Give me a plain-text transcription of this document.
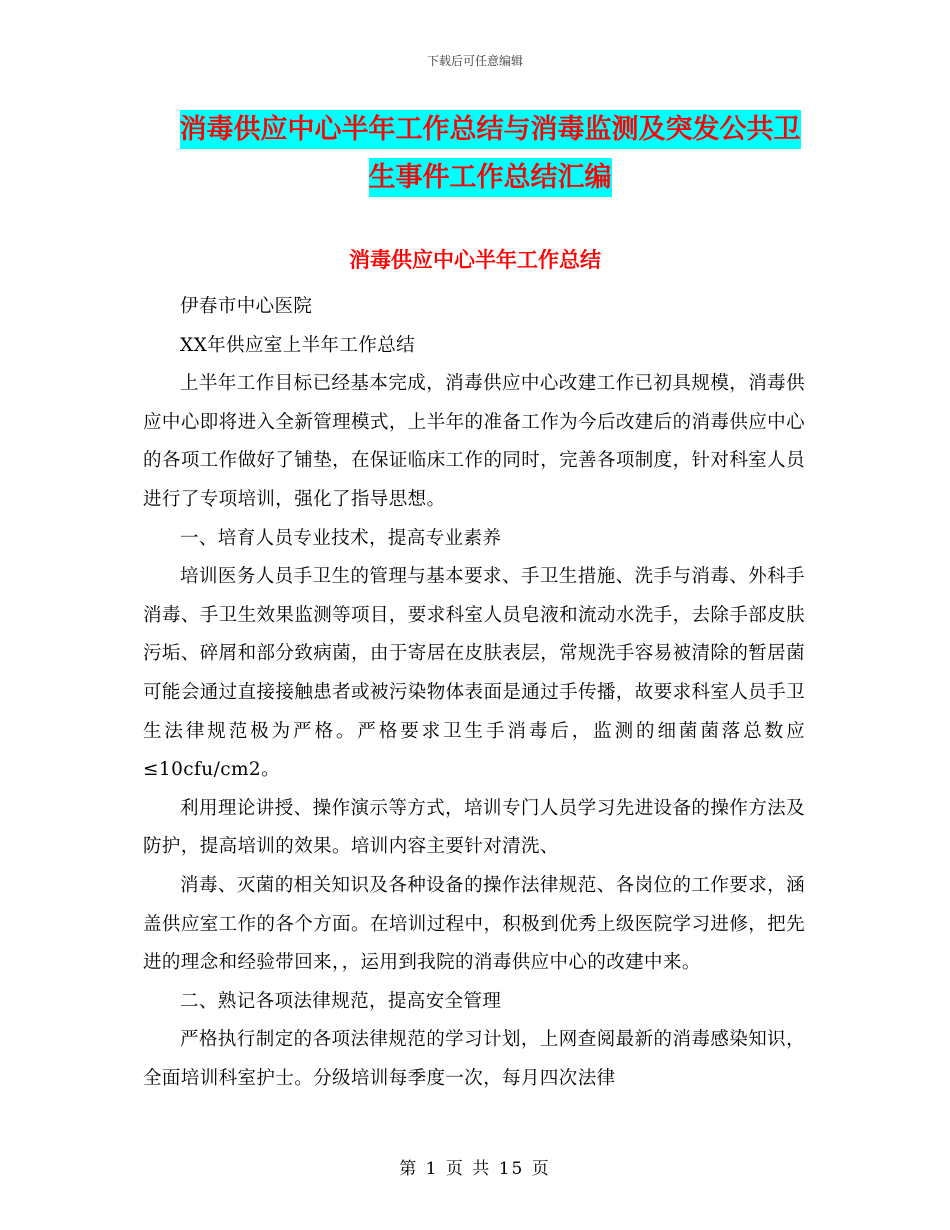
下载后可任意编辑
消毒供应中心半年工作总结与消毒监测及突发公共卫
生事件工作总结汇编
消毒供应中心半年工作总结

伊春市中心医院

XX年供应室上半年工作总结

上半年工作目标已经基本完成，消毒供应中心改建工作已初具规模，消毒供应中心即将进入全新管理模式，上半年的准备工作为今后改建后的消毒供应中心的各项工作做好了铺垫，在保证临床工作的同时，完善各项制度，针对科室人员进行了专项培训，强化了指导思想。

一、培育人员专业技术，提高专业素养

培训医务人员手卫生的管理与基本要求、手卫生措施、洗手与消毒、外科手消毒、手卫生效果监测等项目，要求科室人员皂液和流动水洗手，去除手部皮肤污垢、碎屑和部分致病菌，由于寄居在皮肤表层，常规洗手容易被清除的暂居菌可能会通过直接接触患者或被污染物体表面是通过手传播，故要求科室人员手卫生法律规范极为严格。严格要求卫生手消毒后，监测的细菌菌落总数应≤10cfu/cm2。

利用理论讲授、操作演示等方式，培训专门人员学习先进设备的操作方法及防护，提高培训的效果。培训内容主要针对清洗、

消毒、灭菌的相关知识及各种设备的操作法律规范、各岗位的工作要求，涵盖供应室工作的各个方面。在培训过程中，积极到优秀上级医院学习进修，把先进的理念和经验带回来，，运用到我院的消毒供应中心的改建中来。

二、熟记各项法律规范，提高安全管理

严格执行制定的各项法律规范的学习计划，上网查阅最新的消毒感染知识，全面培训科室护士。分级培训每季度一次，每月四次法律

第 1 页 共 15 页
